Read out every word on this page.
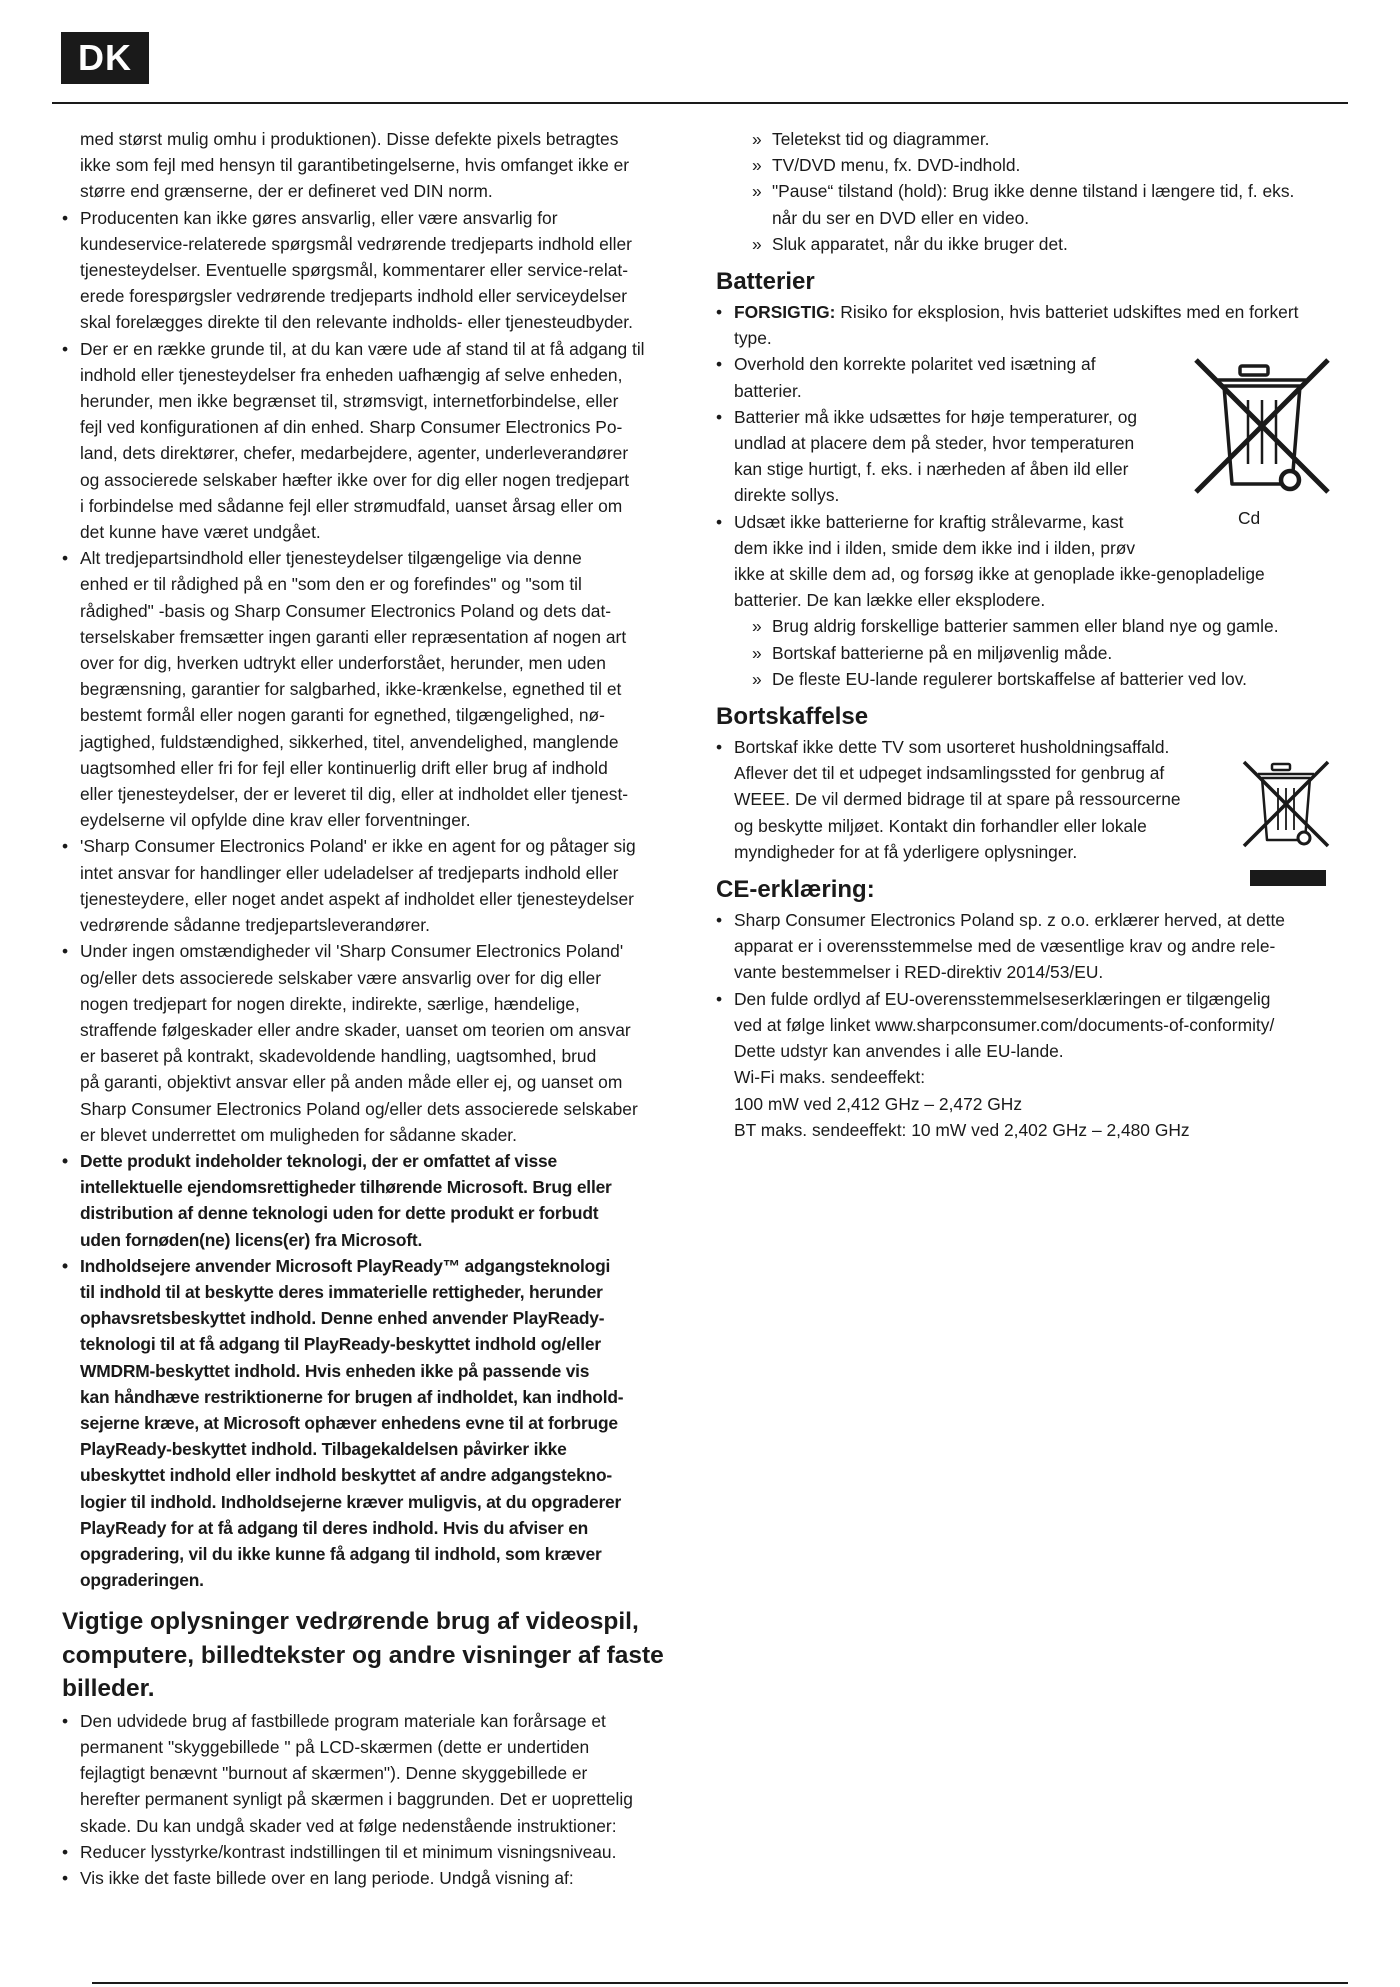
DK

med størst mulig omhu i produktionen). Disse defekte pixels betragtes

ikke som fejl med hensyn til garantibetingelserne, hvis omfanget ikke er

større end grænserne, der er defineret ved DIN norm.

• Producenten kan ikke gøres ansvarlig, eller være ansvarlig for

kundeservice-relaterede spørgsmål vedrørende tredjeparts indhold eller

tjenesteydelser. Eventuelle spørgsmål, kommentarer eller service-relat-

erede forespørgsler vedrørende tredjeparts indhold eller serviceydelser

skal forelægges direkte til den relevante indholds- eller tjenesteudbyder.

• Der er en række grunde til, at du kan være ude af stand til at få adgang til

indhold eller tjenesteydelser fra enheden uafhængig af selve enheden,

herunder, men ikke begrænset til, strømsvigt, internetforbindelse, eller

fejl ved konfigurationen af din enhed. Sharp Consumer Electronics Po-

land, dets direktører, chefer, medarbejdere, agenter, underleverandører

og associerede selskaber hæfter ikke over for dig eller nogen tredjepart

i forbindelse med sådanne fejl eller strømudfald, uanset årsag eller om

det kunne have været undgået.

• Alt tredjepartsindhold eller tjenesteydelser tilgængelige via denne

enhed er til rådighed på en "som den er og forefindes" og "som til

rådighed" -basis og Sharp Consumer Electronics Poland og dets dat-

terselskaber fremsætter ingen garanti eller repræsentation af nogen art

over for dig, hverken udtrykt eller underforstået, herunder, men uden

begrænsning, garantier for salgbarhed, ikke-krænkelse, egnethed til et

bestemt formål eller nogen garanti for egnethed, tilgængelighed, nø-

jagtighed, fuldstændighed, sikkerhed, titel, anvendelighed, manglende

uagtsomhed eller fri for fejl eller kontinuerlig drift eller brug af indhold

eller tjenesteydelser, der er leveret til dig, eller at indholdet eller tjenest-

eydelserne vil opfylde dine krav eller forventninger.

• 'Sharp Consumer Electronics Poland' er ikke en agent for og påtager sig

intet ansvar for handlinger eller udeladelser af tredjeparts indhold eller

tjenesteydere, eller noget andet aspekt af indholdet eller tjenesteydelser

vedrørende sådanne tredjepartsleverandører.

• Under ingen omstændigheder vil 'Sharp Consumer Electronics Poland'

og/eller dets associerede selskaber være ansvarlig over for dig eller

nogen tredjepart for nogen direkte, indirekte, særlige, hændelige,

straffende følgeskader eller andre skader, uanset om teorien om ansvar

er baseret på kontrakt, skadevoldende handling, uagtsomhed, brud

på garanti, objektivt ansvar eller på anden måde eller ej, og uanset om

Sharp Consumer Electronics Poland og/eller dets associerede selskaber

er blevet underrettet om muligheden for sådanne skader.

• Dette produkt indeholder teknologi, der er omfattet af visse

intellektuelle ejendomsrettigheder tilhørende Microsoft. Brug eller

distribution af denne teknologi uden for dette produkt er forbudt

uden fornøden(ne) licens(er) fra Microsoft.

• Indholdsejere anvender Microsoft PlayReady™ adgangsteknologi

til indhold til at beskytte deres immaterielle rettigheder, herunder

ophavsretsbeskyttet indhold. Denne enhed anvender PlayReady-

teknologi til at få adgang til PlayReady-beskyttet indhold og/eller

WMDRM-beskyttet indhold. Hvis enheden ikke på passende vis

kan håndhæve restriktionerne for brugen af indholdet, kan indhold-

sejerne kræve, at Microsoft ophæver enhedens evne til at forbruge

PlayReady-beskyttet indhold. Tilbagekaldelsen påvirker ikke

ubeskyttet indhold eller indhold beskyttet af andre adgangstekno-

logier til indhold. Indholdsejerne kræver muligvis, at du opgraderer

PlayReady for at få adgang til deres indhold. Hvis du afviser en

opgradering, vil du ikke kunne få adgang til indhold, som kræver

opgraderingen.

Vigtige oplysninger vedrørende brug af videospil,
computere, billedtekster og andre visninger af faste
billeder.

• Den udvidede brug af fastbillede program materiale kan forårsage et

permanent "skyggebillede " på LCD-skærmen (dette er undertiden

fejlagtigt benævnt "burnout af skærmen"). Denne skyggebillede er

herefter permanent synligt på skærmen i baggrunden. Det er uoprettelig

skade. Du kan undgå skader ved at følge nedenstående instruktioner:

• Reducer lysstyrke/kontrast indstillingen til et minimum visningsniveau.

• Vis ikke det faste billede over en lang periode. Undgå visning af:

» Teletekst tid og diagrammer.

» TV/DVD menu, fx. DVD-indhold.

» "Pause“ tilstand (hold): Brug ikke denne tilstand i længere tid, f. eks.

når du ser en DVD eller en video.

» Sluk apparatet, når du ikke bruger det.

Batterier

• FORSIGTIG: Risiko for eksplosion, hvis batteriet udskiftes med en forkert

type.

• Overhold den korrekte polaritet ved isætning af

batterier.

• Batterier må ikke udsættes for høje temperaturer, og

undlad at placere dem på steder, hvor temperaturen

kan stige hurtigt, f. eks. i nærheden af åben ild eller

direkte sollys.

• Udsæt ikke batterierne for kraftig strålevarme, kast

dem ikke ind i ilden, smide dem ikke ind i ilden, prøv

ikke at skille dem ad, og forsøg ikke at genoplade ikke-genopladelige

batterier. De kan lække eller eksplodere.

» Brug aldrig forskellige batterier sammen eller bland nye og gamle.

» Bortskaf batterierne på en miljøvenlig måde.

» De fleste EU-lande regulerer bortskaffelse af batterier ved lov.

Bortskaffelse

• Bortskaf ikke dette TV som usorteret husholdningsaffald.

Aflever det til et udpeget indsamlingssted for genbrug af

WEEE. De vil dermed bidrage til at spare på ressourcerne

og beskytte miljøet. Kontakt din forhandler eller lokale

myndigheder for at få yderligere oplysninger.

CE-erklæring:

• Sharp Consumer Electronics Poland sp. z o.o. erklærer herved, at dette

apparat er i overensstemmelse med de væsentlige krav og andre rele-

vante bestemmelser i RED-direktiv 2014/53/EU.

• Den fulde ordlyd af EU-overensstemmelseserklæringen er tilgængelig

ved at følge linket www.sharpconsumer.com/documents-of-conformity/

Dette udstyr kan anvendes i alle EU-lande.

Wi-Fi maks. sendeeffekt:

100 mW ved 2,412 GHz – 2,472 GHz

BT maks. sendeeffekt: 10 mW ved 2,402 GHz – 2,480 GHz

Cd
